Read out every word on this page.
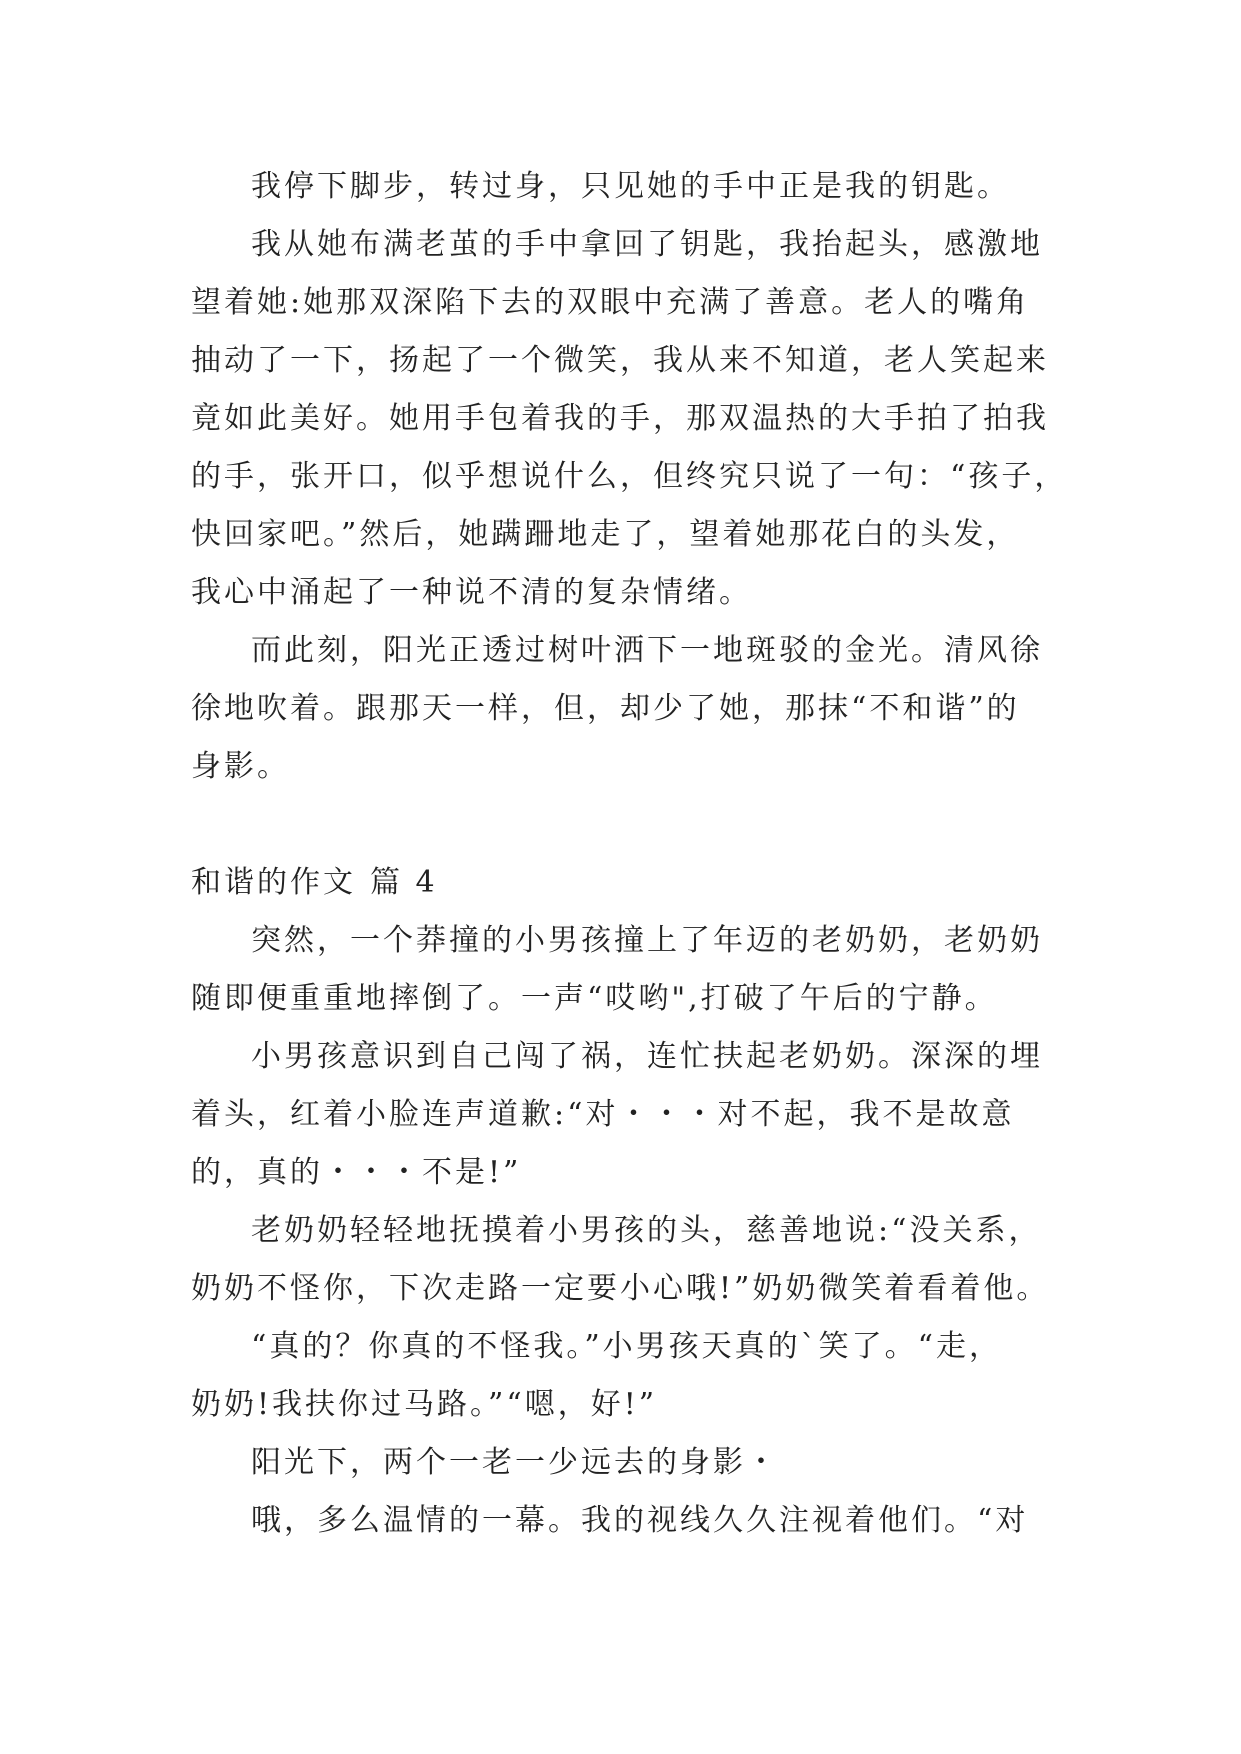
我停下脚步，转过身，只见她的手中正是我的钥匙。

我从她布满老茧的手中拿回了钥匙，我抬起头，感激地
望着她:她那双深陷下去的双眼中充满了善意。老人的嘴角
抽动了一下，扬起了一个微笑，我从来不知道，老人笑起来
竟如此美好。她用手包着我的手，那双温热的大手拍了拍我
的手，张开口，似乎想说什么，但终究只说了一句：“孩子，
快回家吧。”然后，她蹒跚地走了，望着她那花白的头发，
我心中涌起了一种说不清的复杂情绪。

而此刻，阳光正透过树叶洒下一地斑驳的金光。清风徐
徐地吹着。跟那天一样，但，却少了她，那抹“不和谐”的
身影。

和谐的作文 篇 4

突然，一个莽撞的小男孩撞上了年迈的老奶奶，老奶奶
随即便重重地摔倒了。一声“哎哟",打破了午后的宁静。

小男孩意识到自己闯了祸，连忙扶起老奶奶。深深的埋
着头，红着小脸连声道歉:“对・・・对不起，我不是故意
的，真的・・・不是!”

老奶奶轻轻地抚摸着小男孩的头，慈善地说:“没关系，
奶奶不怪你，下次走路一定要小心哦!”奶奶微笑着看着他。

“真的？你真的不怪我。”小男孩天真的`笑了。“走，
奶奶!我扶你过马路。”“嗯，好!”

阳光下，两个一老一少远去的身影・

哦，多么温情的一幕。我的视线久久注视着他们。“对
